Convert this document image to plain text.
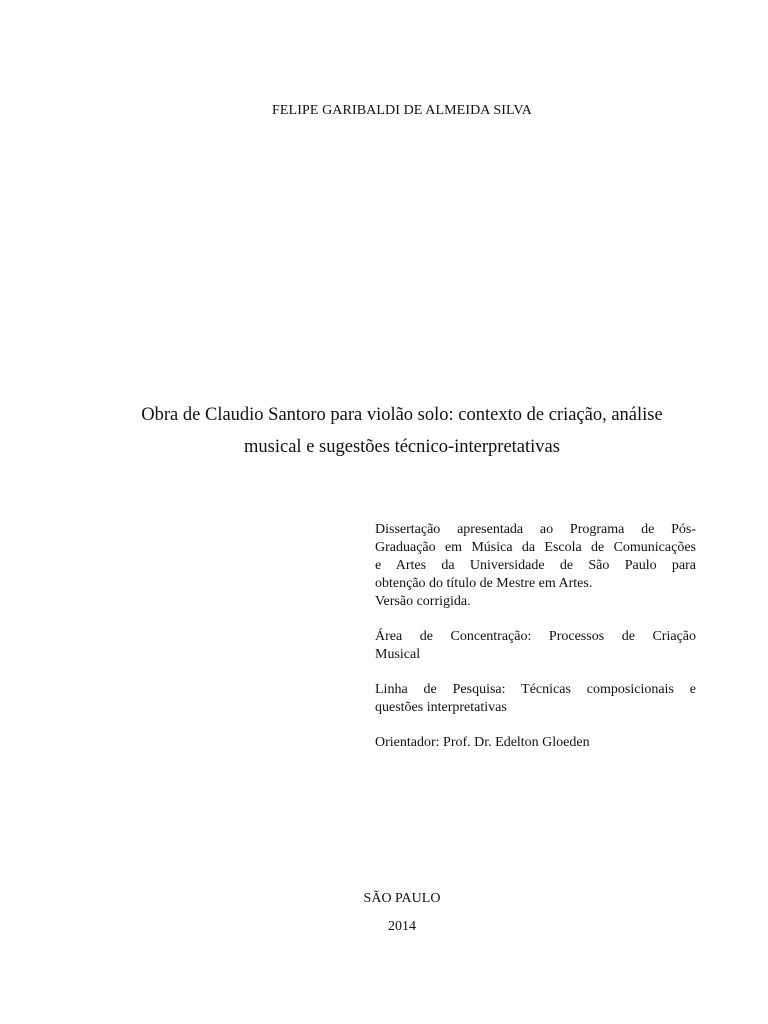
FELIPE GARIBALDI DE ALMEIDA SILVA
Obra de Claudio Santoro para violão solo: contexto de criação, análise
musical e sugestões técnico-interpretativas
Dissertação apresentada ao Programa de Pós-
Graduação em Música da Escola de Comunicações
e Artes da Universidade de São Paulo para
obtenção do título de Mestre em Artes.
Versão corrigida.
Área de Concentração: Processos de Criação
Musical
Linha de Pesquisa: Técnicas composicionais e
questões interpretativas
Orientador: Prof. Dr. Edelton Gloeden
SÃO PAULO
2014
